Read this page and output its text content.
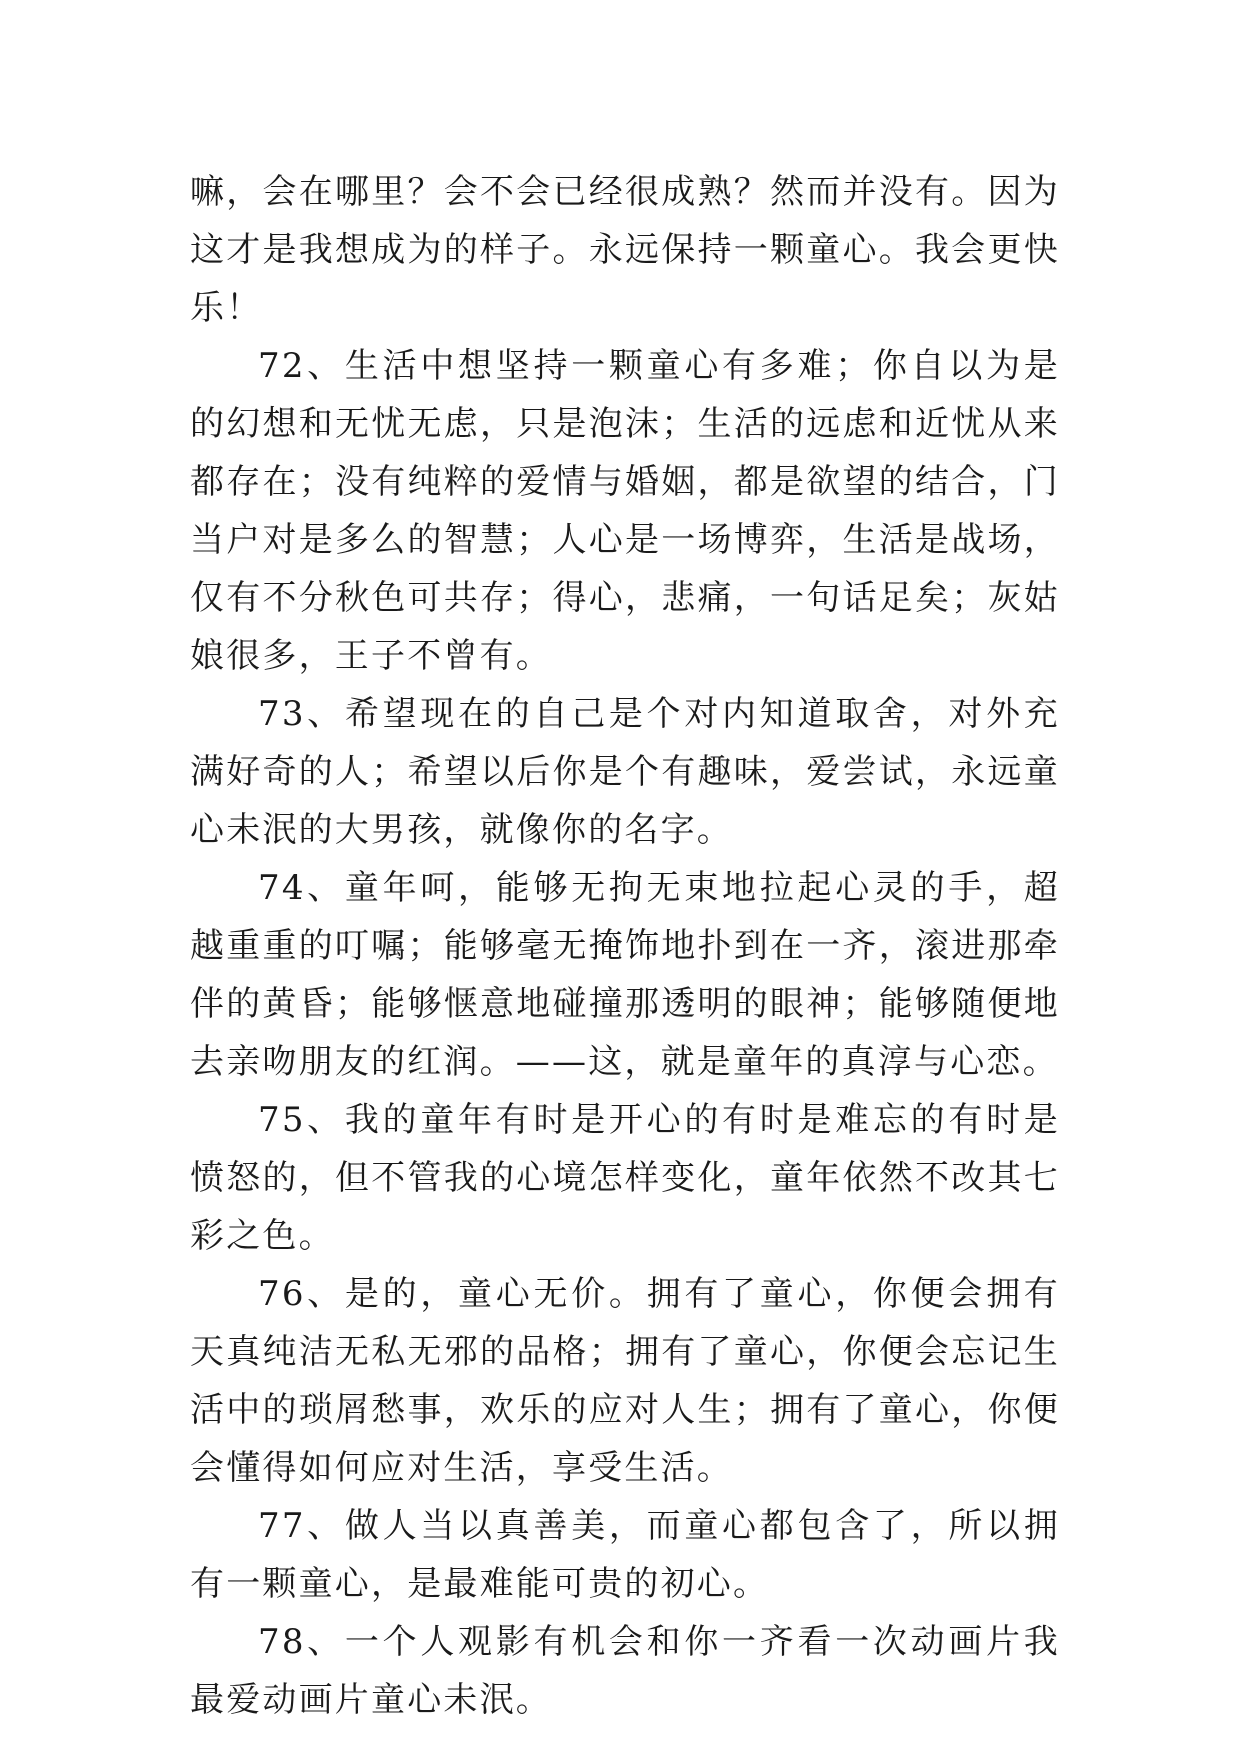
嘛，会在哪里？会不会已经很成熟？然而并没有。因为这才是我想成为的样子。永远保持一颗童心。我会更快乐！

72、生活中想坚持一颗童心有多难；你自以为是的幻想和无忧无虑，只是泡沫；生活的远虑和近忧从来都存在；没有纯粹的爱情与婚姻，都是欲望的结合，门当户对是多么的智慧；人心是一场博弈，生活是战场，仅有不分秋色可共存；得心，悲痛，一句话足矣；灰姑娘很多，王子不曾有。

73、希望现在的自己是个对内知道取舍，对外充满好奇的人；希望以后你是个有趣味，爱尝试，永远童心未泯的大男孩，就像你的名字。

74、童年呵，能够无拘无束地拉起心灵的手，超越重重的叮嘱；能够毫无掩饰地扑到在一齐，滚进那牵伴的黄昏；能够惬意地碰撞那透明的眼神；能够随便地去亲吻朋友的红润。——这，就是童年的真淳与心恋。

75、我的童年有时是开心的有时是难忘的有时是愤怒的，但不管我的心境怎样变化，童年依然不改其七彩之色。

76、是的，童心无价。拥有了童心，你便会拥有天真纯洁无私无邪的品格；拥有了童心，你便会忘记生活中的琐屑愁事，欢乐的应对人生；拥有了童心，你便会懂得如何应对生活，享受生活。

77、做人当以真善美，而童心都包含了，所以拥有一颗童心，是最难能可贵的初心。

78、一个人观影有机会和你一齐看一次动画片我最爱动画片童心未泯。
